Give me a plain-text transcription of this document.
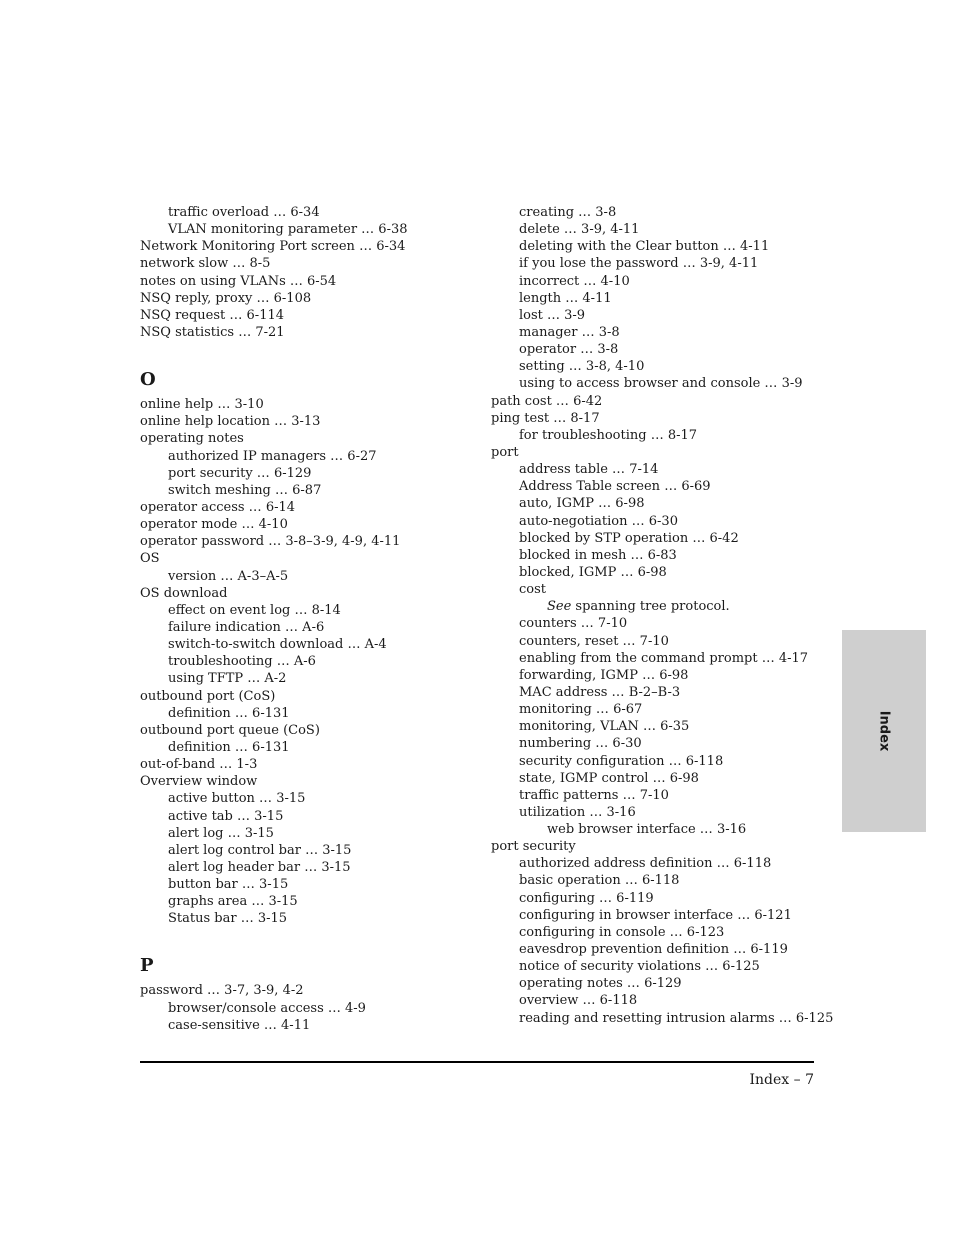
traffic overload … 6-34
VLAN monitoring parameter … 6-38
Network Monitoring Port screen … 6-34
network slow … 8-5
notes on using VLANs … 6-54
NSQ reply, proxy … 6-108
NSQ request … 6-114
NSQ statistics … 7-21
O
online help … 3-10
online help location … 3-13
operating notes
authorized IP managers … 6-27
port security … 6-129
switch meshing … 6-87
operator access … 6-14
operator mode … 4-10
operator password … 3-8–3-9, 4-9, 4-11
OS
version … A-3–A-5
OS download
effect on event log … 8-14
failure indication … A-6
switch-to-switch download … A-4
troubleshooting … A-6
using TFTP … A-2
outbound port (CoS)
definition … 6-131
outbound port queue (CoS)
definition … 6-131
out-of-band … 1-3
Overview window
active button … 3-15
active tab … 3-15
alert log … 3-15
alert log control bar … 3-15
alert log header bar … 3-15
button bar … 3-15
graphs area … 3-15
Status bar … 3-15
P
password … 3-7, 3-9, 4-2
browser/console access … 4-9
case-sensitive … 4-11
creating … 3-8
delete … 3-9, 4-11
deleting with the Clear button … 4-11
if you lose the password … 3-9, 4-11
incorrect … 4-10
length … 4-11
lost … 3-9
manager … 3-8
operator … 3-8
setting … 3-8, 4-10
using to access browser and console … 3-9
path cost … 6-42
ping test … 8-17
for troubleshooting … 8-17
port
address table … 7-14
Address Table screen … 6-69
auto, IGMP … 6-98
auto-negotiation … 6-30
blocked by STP operation … 6-42
blocked in mesh … 6-83
blocked, IGMP … 6-98
cost
See spanning tree protocol.
counters … 7-10
counters, reset … 7-10
enabling from the command prompt … 4-17
forwarding, IGMP … 6-98
MAC address … B-2–B-3
monitoring … 6-67
monitoring, VLAN … 6-35
numbering … 6-30
security configuration … 6-118
state, IGMP control … 6-98
traffic patterns … 7-10
utilization … 3-16
web browser interface … 3-16
port security
authorized address definition … 6-118
basic operation … 6-118
configuring … 6-119
configuring in browser interface … 6-121
configuring in console … 6-123
eavesdrop prevention definition … 6-119
notice of security violations … 6-125
operating notes … 6-129
overview … 6-118
reading and resetting intrusion alarms … 6-125
Index
Index – 7
